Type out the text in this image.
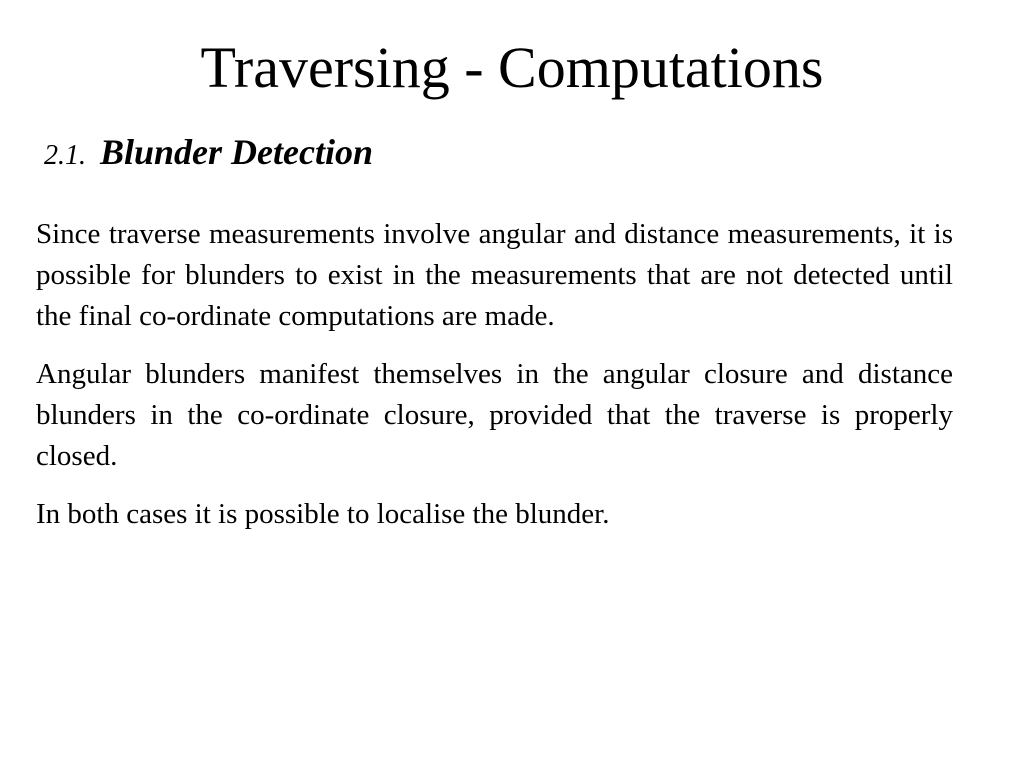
Traversing - Computations
2.1. Blunder Detection

Since traverse measurements involve angular and distance measurements, it is possible for blunders to exist in the measurements that are not detected until the final co-ordinate computations are made.

Angular blunders manifest themselves in the angular closure and distance blunders in the co-ordinate closure, provided that the traverse is properly closed.

In both cases it is possible to localise the blunder.
